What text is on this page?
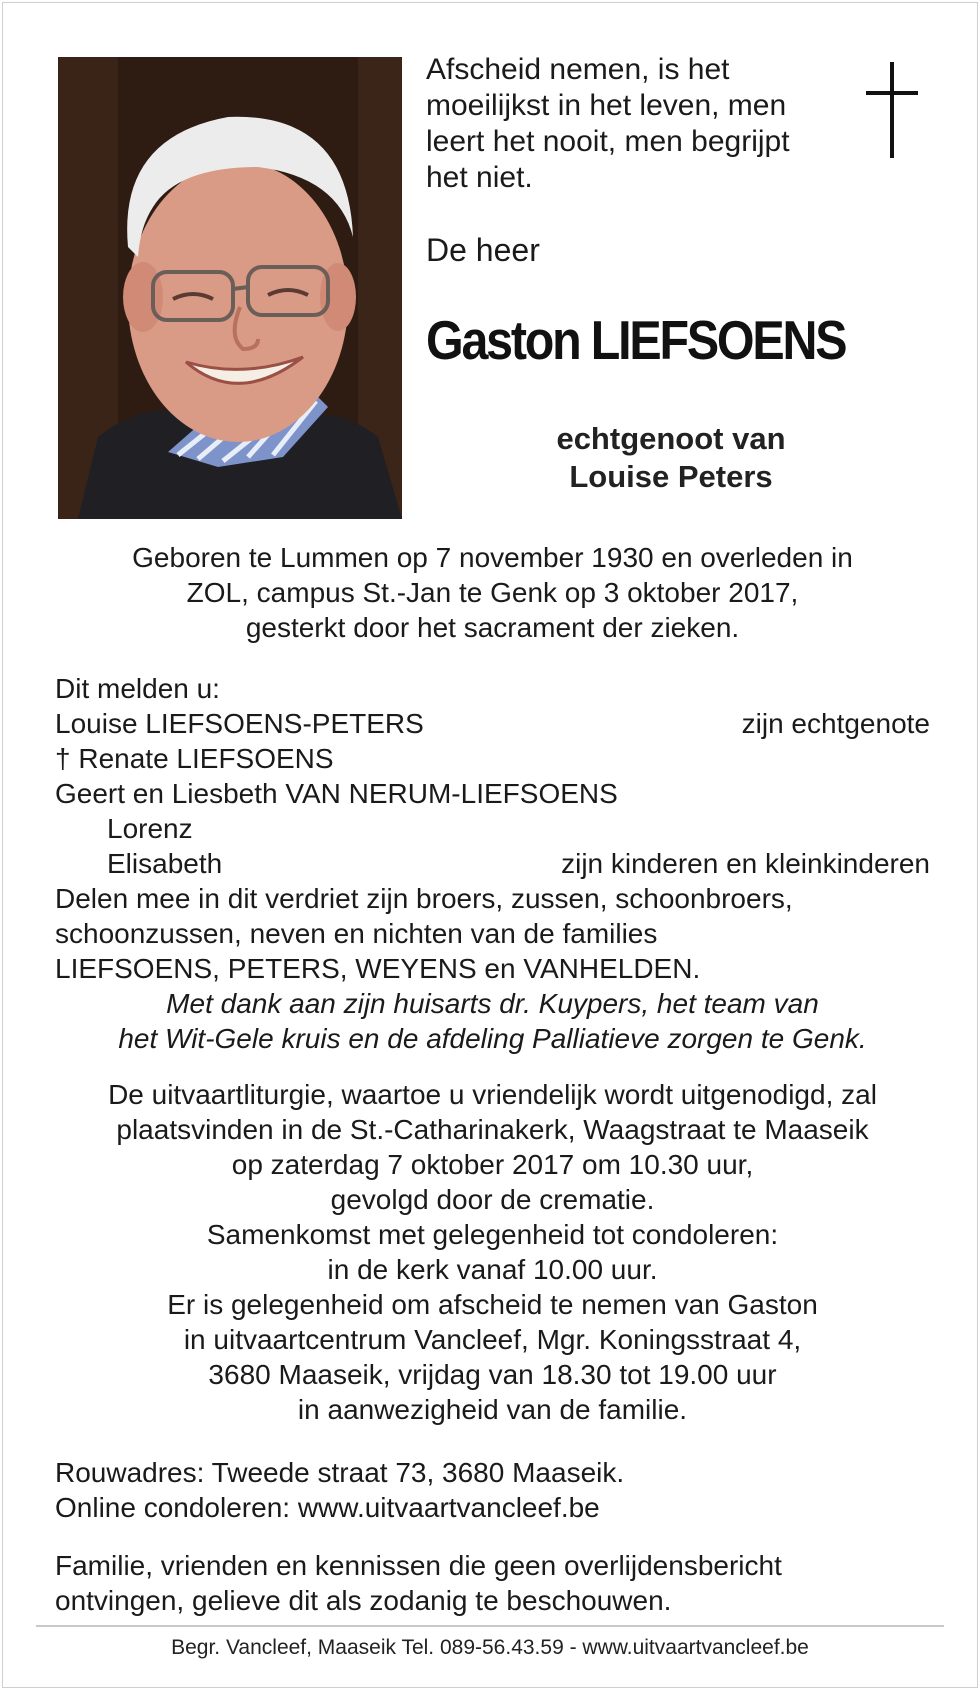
Afscheid nemen, is het
moeilijkst in het leven, men
leert het nooit, men begrijpt
het niet.

De heer

Gaston LIEFSOENS

echtgenoot van
Louise Peters
Geboren te Lummen op 7 november 1930 en overleden in
ZOL, campus St.-Jan te Genk op 3 oktober 2017,
gesterkt door het sacrament der zieken.
Dit melden u:
Louise LIEFSOENS-PETERS	zijn echtgenote
† Renate LIEFSOENS
Geert en Liesbeth VAN NERUM-LIEFSOENS
Lorenz
Elisabeth	zijn kinderen en kleinkinderen
Delen mee in dit verdriet zijn broers, zussen, schoonbroers,
schoonzussen, neven en nichten van de families
LIEFSOENS, PETERS, WEYENS en VANHELDEN.
Met dank aan zijn huisarts dr. Kuypers, het team van
het Wit-Gele kruis en de afdeling Palliatieve zorgen te Genk.
De uitvaartliturgie, waartoe u vriendelijk wordt uitgenodigd, zal
plaatsvinden in de St.-Catharinakerk, Waagstraat te Maaseik
op zaterdag 7 oktober 2017 om 10.30 uur,
gevolgd door de crematie.
Samenkomst met gelegenheid tot condoleren:
in de kerk vanaf 10.00 uur.
Er is gelegenheid om afscheid te nemen van Gaston
in uitvaartcentrum Vancleef, Mgr. Koningsstraat 4,
3680 Maaseik, vrijdag van 18.30 tot 19.00 uur
in aanwezigheid van de familie.
Rouwadres: Tweede straat 73, 3680 Maaseik.
Online condoleren: www.uitvaartvancleef.be
Familie, vrienden en kennissen die geen overlijdensbericht
ontvingen, gelieve dit als zodanig te beschouwen.

Begr. Vancleef, Maaseik Tel. 089-56.43.59 - www.uitvaartvancleef.be
